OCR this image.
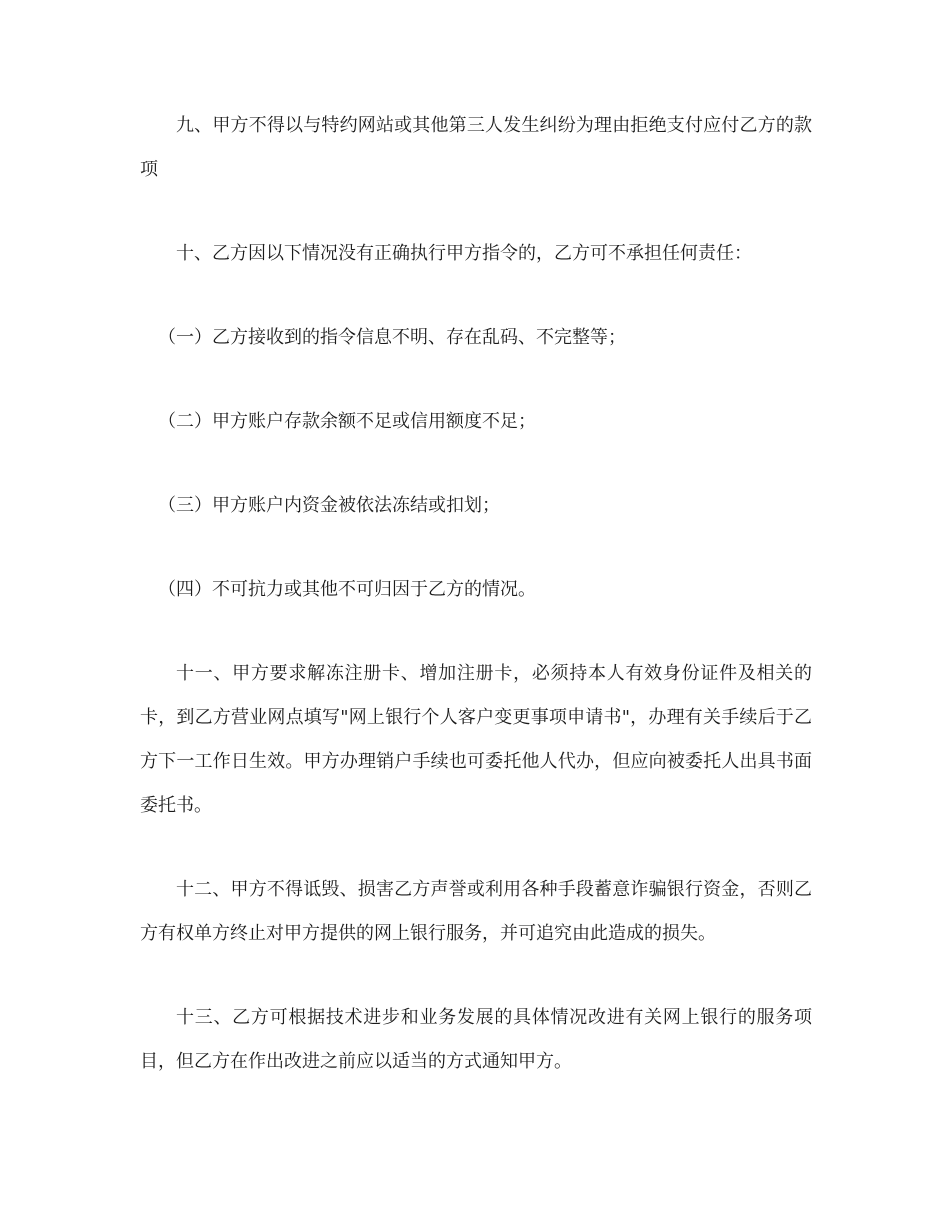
九、甲方不得以与特约网站或其他第三人发生纠纷为理由拒绝支付应付乙方的款项

十、乙方因以下情况没有正确执行甲方指令的，乙方可不承担任何责任：

（一）乙方接收到的指令信息不明、存在乱码、不完整等；

（二）甲方账户存款余额不足或信用额度不足；

（三）甲方账户内资金被依法冻结或扣划；

（四）不可抗力或其他不可归因于乙方的情况。

十一、甲方要求解冻注册卡、增加注册卡，必须持本人有效身份证件及相关的卡，到乙方营业网点填写"网上银行个人客户变更事项申请书"，办理有关手续后于乙方下一工作日生效。甲方办理销户手续也可委托他人代办，但应向被委托人出具书面委托书。

十二、甲方不得诋毁、损害乙方声誉或利用各种手段蓄意诈骗银行资金，否则乙方有权单方终止对甲方提供的网上银行服务，并可追究由此造成的损失。

十三、乙方可根据技术进步和业务发展的具体情况改进有关网上银行的服务项目，但乙方在作出改进之前应以适当的方式通知甲方。
